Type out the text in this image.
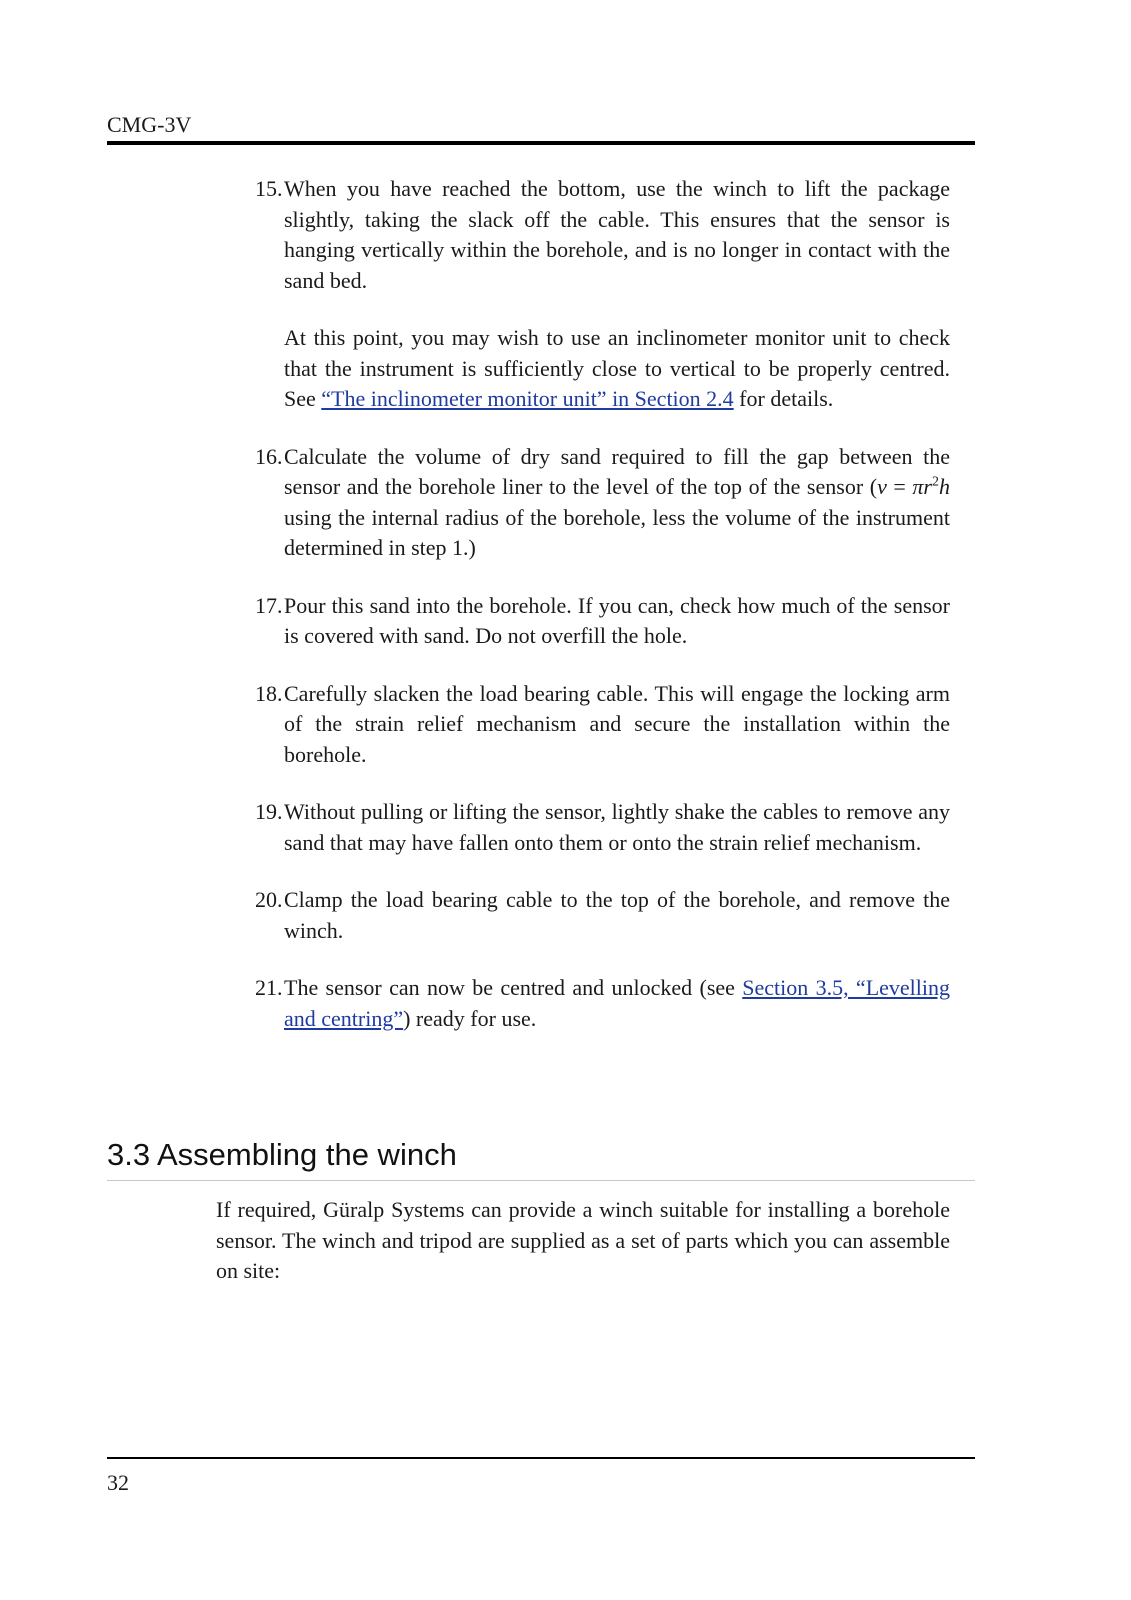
CMG-3V
15. When you have reached the bottom, use the winch to lift the package slightly, taking the slack off the cable. This ensures that the sensor is hanging vertically within the borehole, and is no longer in contact with the sand bed.

At this point, you may wish to use an inclinometer monitor unit to check that the instrument is sufficiently close to vertical to be properly centred. See “The inclinometer monitor unit” in Section 2.4 for details.

16. Calculate the volume of dry sand required to fill the gap between the sensor and the borehole liner to the level of the top of the sensor ($v = \pi r^2h$ using the internal radius of the borehole, less the volume of the instrument determined in step 1.)

17. Pour this sand into the borehole. If you can, check how much of the sensor is covered with sand. Do not overfill the hole.

18. Carefully slacken the load bearing cable. This will engage the locking arm of the strain relief mechanism and secure the installation within the borehole.

19. Without pulling or lifting the sensor, lightly shake the cables to remove any sand that may have fallen onto them or onto the strain relief mechanism.

20. Clamp the load bearing cable to the top of the borehole, and remove the winch.

21. The sensor can now be centred and unlocked (see Section 3.5, “Levelling and centring”) ready for use.

3.3 Assembling the winch

If required, Güralp Systems can provide a winch suitable for installing a borehole sensor. The winch and tripod are supplied as a set of parts which you can assemble on site:

32
